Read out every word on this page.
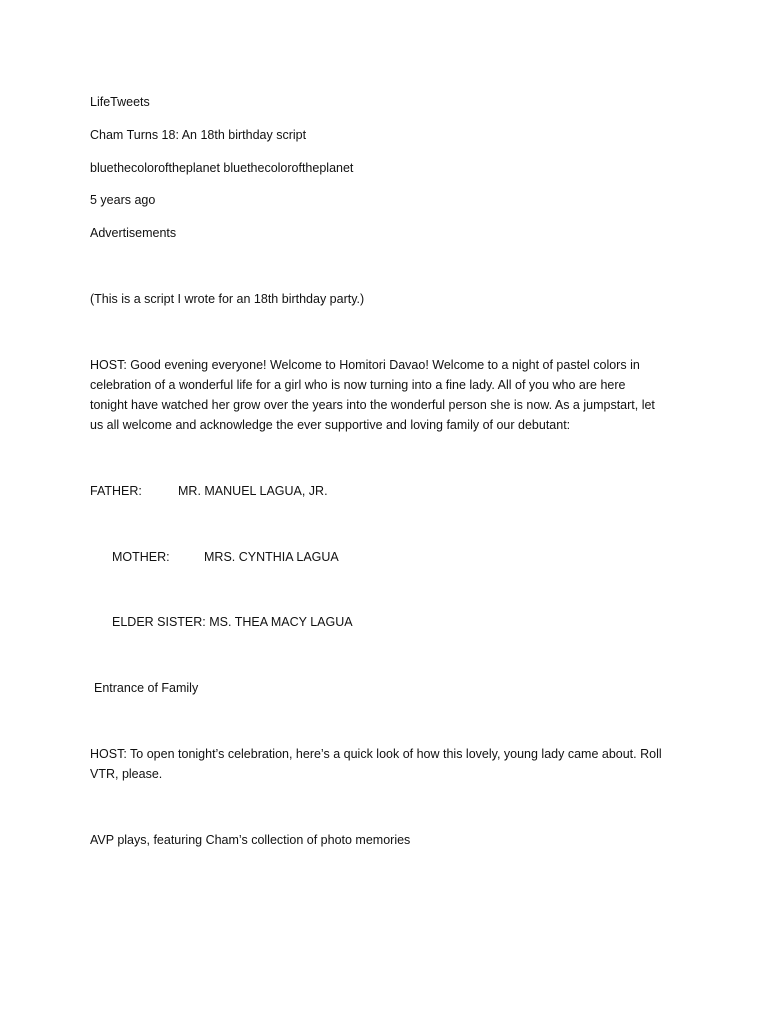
LifeTweets
Cham Turns 18: An 18th birthday script
bluethecoloroftheplanet bluethecoloroftheplanet
5 years ago
Advertisements
(This is a script I wrote for an 18th birthday party.)

HOST: Good evening everyone! Welcome to Homitori Davao! Welcome to a night of pastel colors in

celebration of a wonderful life for a girl who is now turning into a fine lady. All of you who are here

tonight have watched her grow over the years into the wonderful person she is now. As a jumpstart, let

us all welcome and acknowledge the ever supportive and loving family of our debutant:

FATHER:	MR. MANUEL LAGUA, JR.
MOTHER:	MRS. CYNTHIA LAGUA
ELDER SISTER: MS. THEA MACY LAGUA
Entrance of Family

HOST: To open tonight’s celebration, here’s a quick look of how this lovely, young lady came about. Roll

VTR, please.

AVP plays, featuring Cham’s collection of photo memories
